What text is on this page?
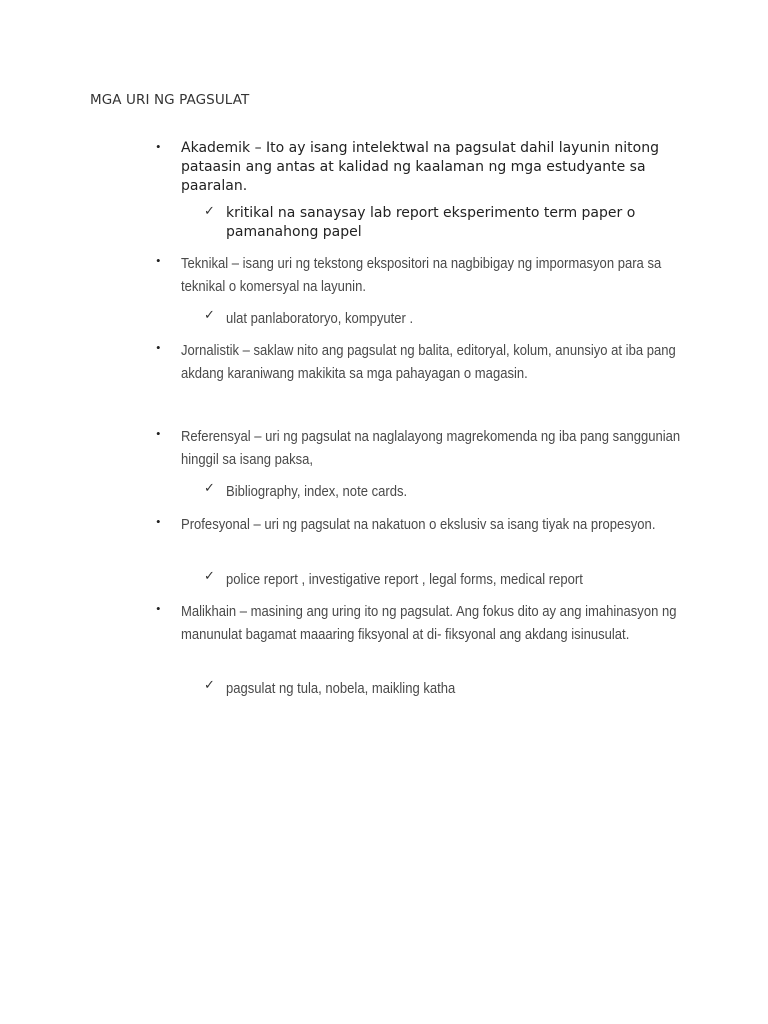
MGA URI NG PAGSULAT
• Akademik – Ito ay isang intelektwal na pagsulat dahil layunin nitong pataasin ang antas at kalidad ng kaalaman ng mga estudyante sa paaralan.

✓ kritikal na sanaysay lab report eksperimento term paper o pamanahong papel

• Teknikal – isang uri ng tekstong ekspositori na nagbibigay ng impormasyon para sa teknikal o komersyal na layunin.

✓ ulat panlaboratoryo, kompyuter .

• Jornalistik – saklaw nito ang pagsulat ng balita, editoryal, kolum, anunsiyo at iba pang akdang karaniwang makikita sa mga pahayagan o magasin.

• Referensyal – uri ng pagsulat na naglalayong magrekomenda ng iba pang sanggunian hinggil sa isang paksa,

✓ Bibliography, index, note cards.

• Profesyonal – uri ng pagsulat na nakatuon o ekslusiv sa isang tiyak na propesyon.

✓ police report , investigative report , legal forms, medical report

• Malikhain – masining ang uring ito ng pagsulat. Ang fokus dito ay ang imahinasyon ng manunulat bagamat maaaring fiksyonal at di- fiksyonal ang akdang isinusulat.

✓ pagsulat ng tula, nobela, maikling katha
